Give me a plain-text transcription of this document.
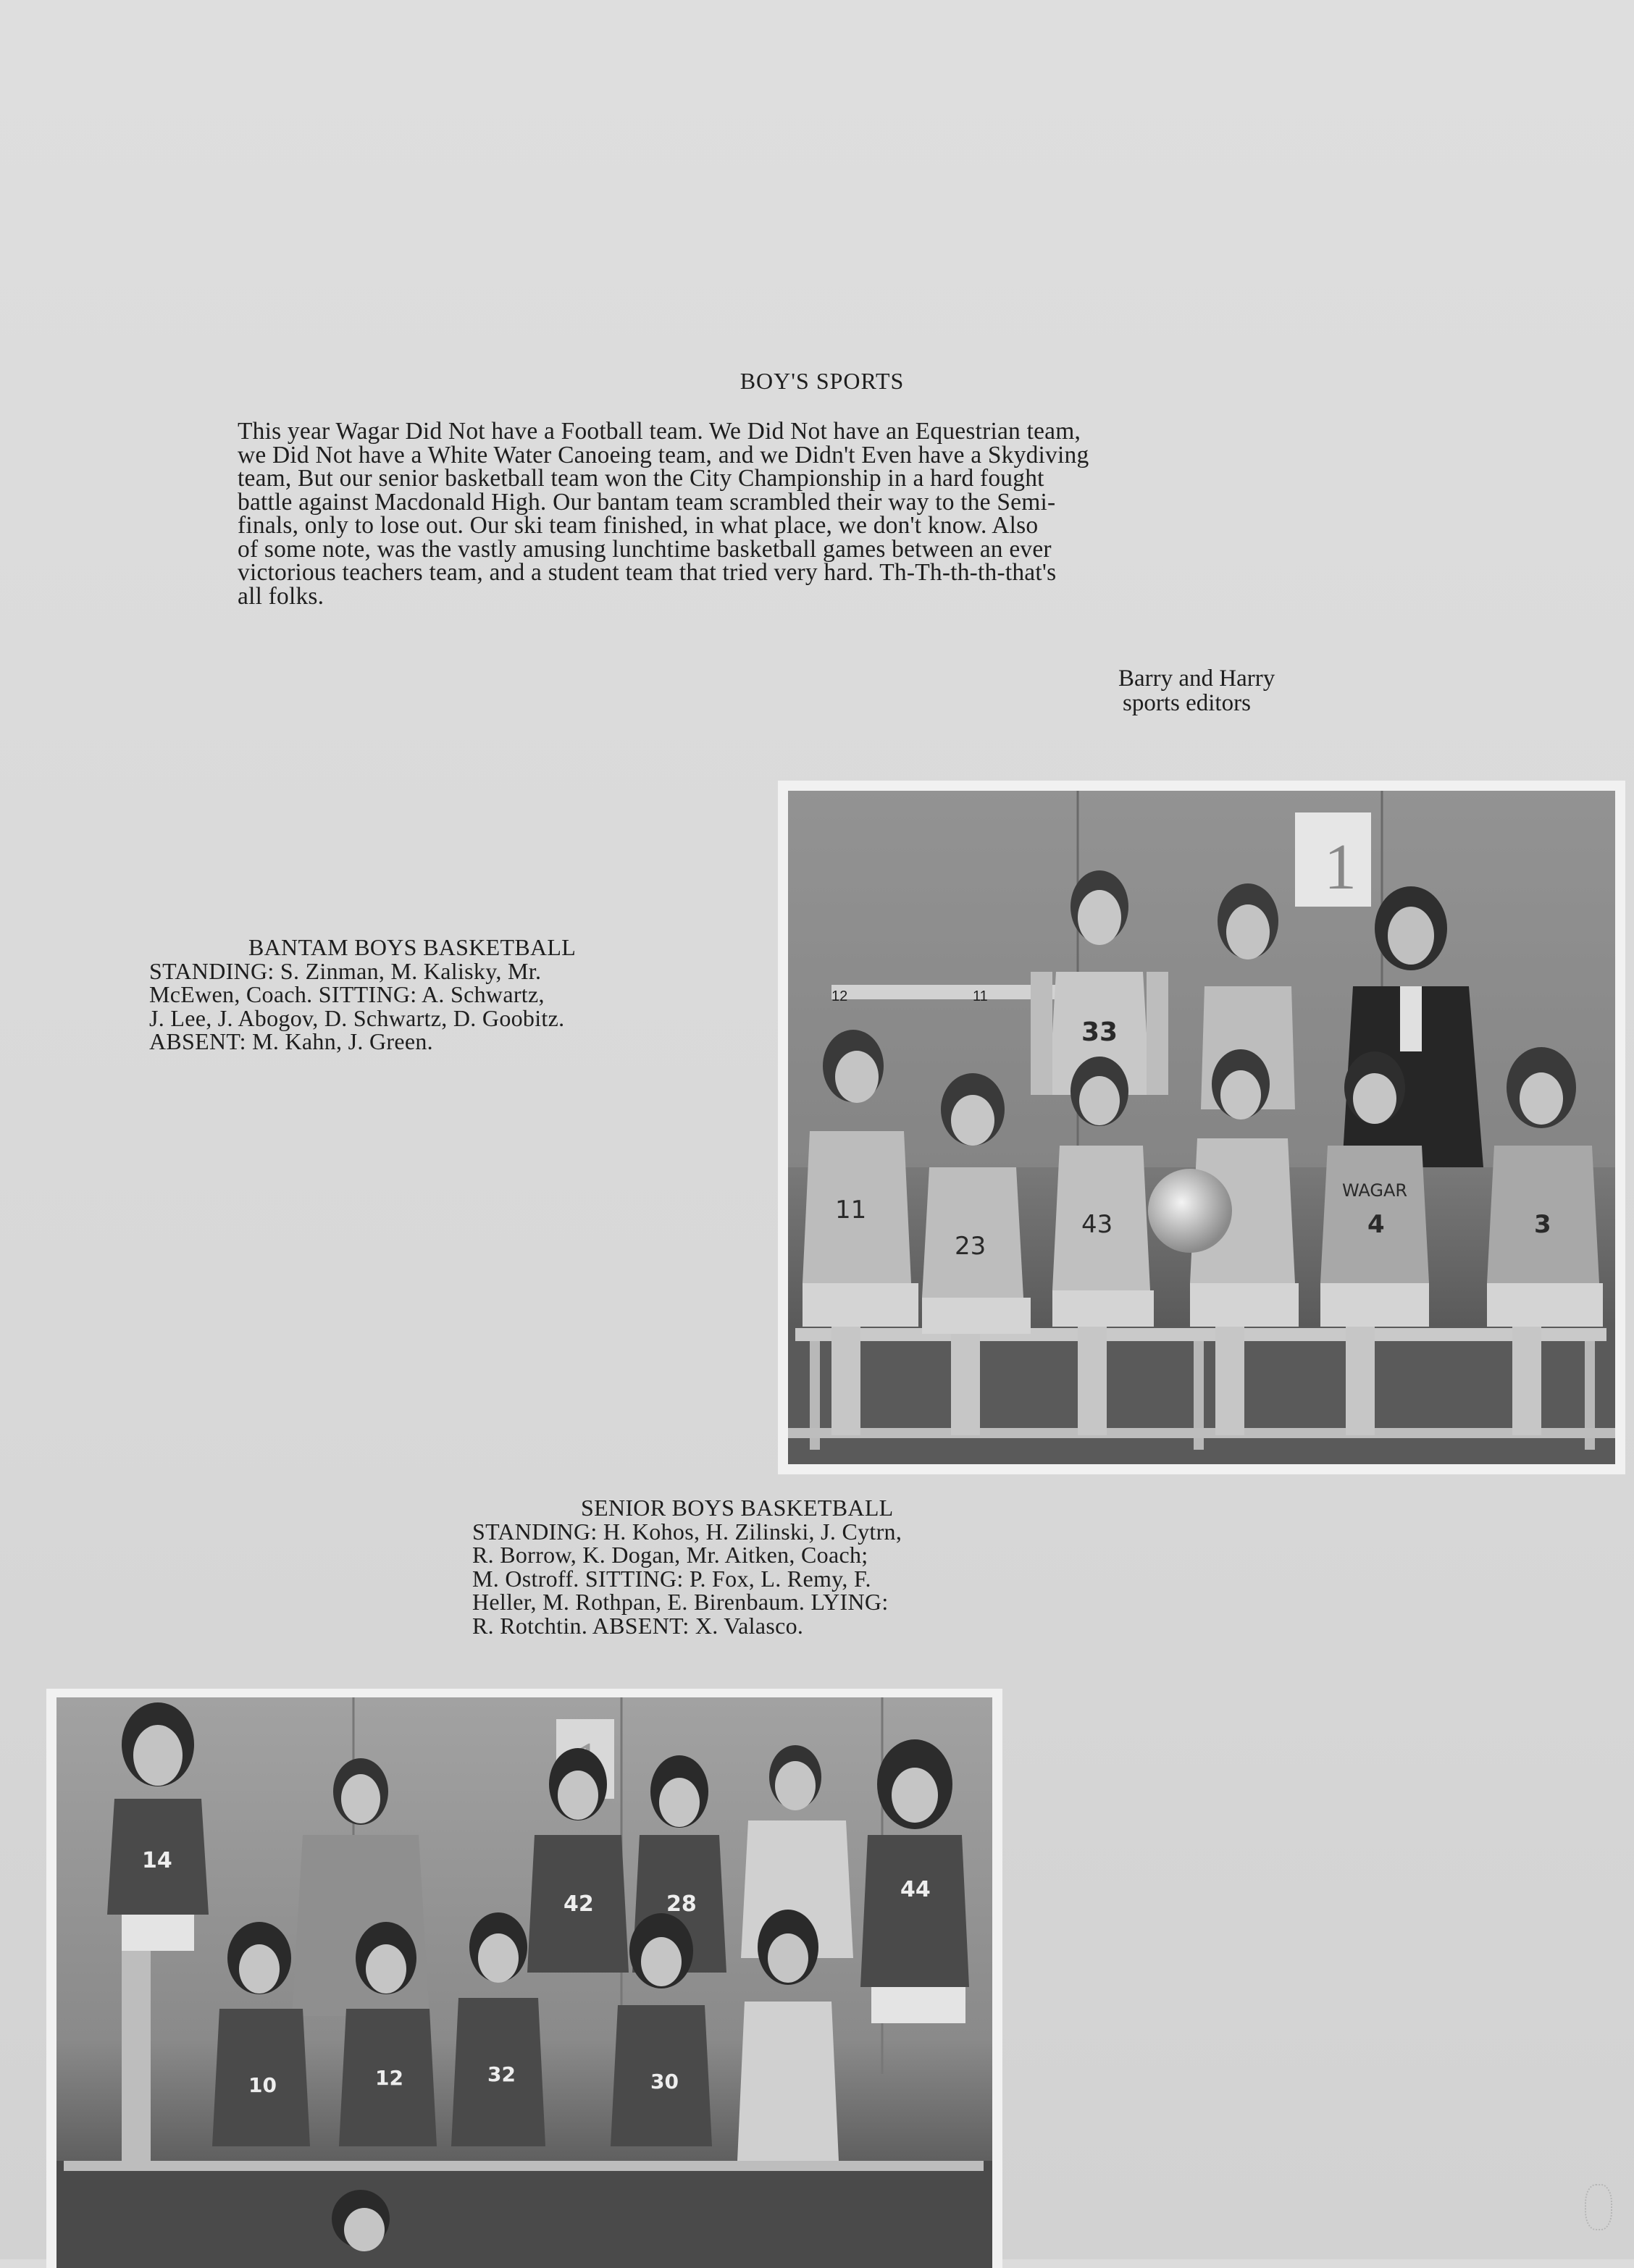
BOY'S SPORTS

This year Wagar Did Not have a Football team. We Did Not have an Equestrian team,

we Did Not have a White Water Canoeing team, and we Didn't Even have a Skydiving

team, But our senior basketball team won the City Championship in a hard fought

battle against Macdonald High. Our bantam team scrambled their way to the Semi-

finals, only to lose out. Our ski team finished, in what place, we don't know. Also

of some note, was the vastly amusing lunchtime basketball games between an ever

victorious teachers team, and a student team that tried very hard. Th-Th-th-th-that's

all folks.

Barry and Harry
sports editors
12	11
1
33
11
23
43
WAGAR
4	3
BANTAM BOYS BASKETBALL
STANDING: S. Zinman, M. Kalisky, Mr.
McEwen, Coach. SITTING: A. Schwartz,
J. Lee, J. Abogov, D. Schwartz, D. Goobitz.
ABSENT: M. Kahn, J. Green.
SENIOR BOYS BASKETBALL
STANDING: H. Kohos, H. Zilinski, J. Cytrn,
R. Borrow, K. Dogan, Mr. Aitken, Coach;
M. Ostroff. SITTING: P. Fox, L. Remy, F.
Heller, M. Rothpan, E. Birenbaum. LYING:
R. Rotchtin. ABSENT: X. Valasco.
14
42	28
44
10	12	32	30
